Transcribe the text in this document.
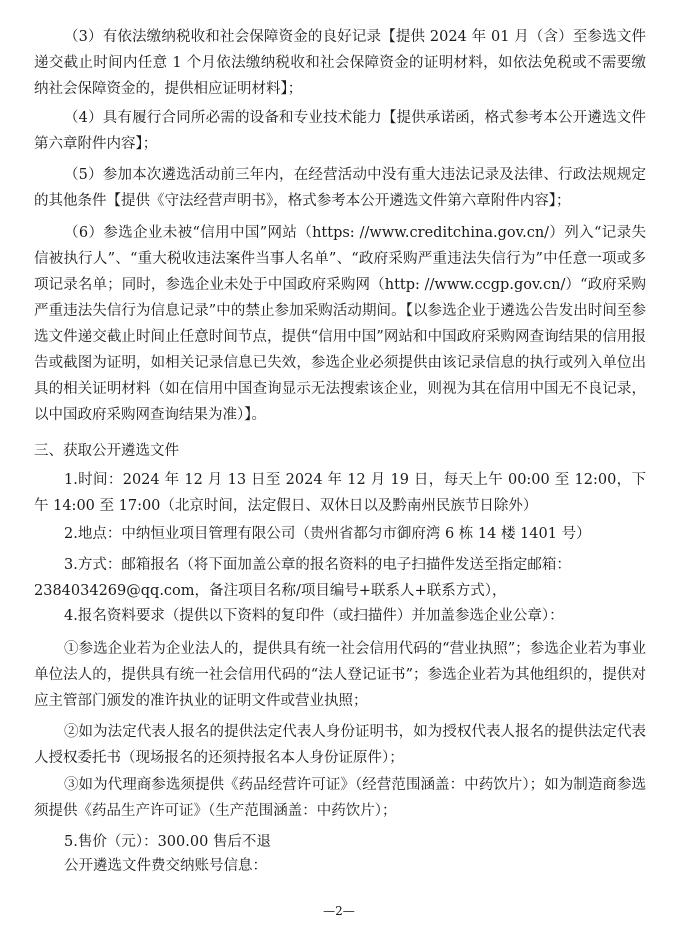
（3）有依法缴纳税收和社会保障资金的良好记录【提供 2024 年 01 月（含）至参选文件递交截止时间内任意 1 个月依法缴纳税收和社会保障资金的证明材料，如依法免税或不需要缴纳社会保障资金的，提供相应证明材料】；
（4）具有履行合同所必需的设备和专业技术能力【提供承诺函，格式参考本公开遴选文件第六章附件内容】；
（5）参加本次遴选活动前三年内，在经营活动中没有重大违法记录及法律、行政法规规定的其他条件【提供《守法经营声明书》，格式参考本公开遴选文件第六章附件内容】；
（6）参选企业未被“信用中国”网站（https: //www.creditchina.gov.cn/）列入“记录失信被执行人”、“重大税收违法案件当事人名单”、“政府采购严重违法失信行为”中任意一项或多项记录名单；同时，参选企业未处于中国政府采购网（http: //www.ccgp.gov.cn/）“政府采购严重违法失信行为信息记录”中的禁止参加采购活动期间。【以参选企业于遴选公告发出时间至参选文件递交截止时间止任意时间节点，提供“信用中国”网站和中国政府采购网查询结果的信用报告或截图为证明，如相关记录信息已失效，参选企业必须提供由该记录信息的执行或列入单位出具的相关证明材料（如在信用中国查询显示无法搜索该企业，则视为其在信用中国无不良记录，以中国政府采购网查询结果为准）】。
三、获取公开遴选文件
1.时间：2024 年 12 月 13 日至 2024 年 12 月 19 日，每天上午 00:00 至 12:00，下午 14:00 至 17:00（北京时间，法定假日、双休日以及黔南州民族节日除外）
2.地点：中纳恒业项目管理有限公司（贵州省都匀市御府湾 6 栋 14 楼 1401 号）
3.方式：邮箱报名（将下面加盖公章的报名资料的电子扫描件发送至指定邮箱：
2384034269@qq.com，备注项目名称/项目编号+联系人+联系方式），
4.报名资料要求（提供以下资料的复印件（或扫描件）并加盖参选企业公章）：
①参选企业若为企业法人的，提供具有统一社会信用代码的“营业执照”；参选企业若为事业单位法人的，提供具有统一社会信用代码的“法人登记证书”；参选企业若为其他组织的，提供对应主管部门颁发的准许执业的证明文件或营业执照；
②如为法定代表人报名的提供法定代表人身份证明书，如为授权代表人报名的提供法定代表人授权委托书（现场报名的还须持报名本人身份证原件）；
③如为代理商参选须提供《药品经营许可证》（经营范围涵盖：中药饮片）；如为制造商参选须提供《药品生产许可证》（生产范围涵盖：中药饮片）；
5.售价（元）：300.00 售后不退
公开遴选文件费交纳账号信息：
—2—
